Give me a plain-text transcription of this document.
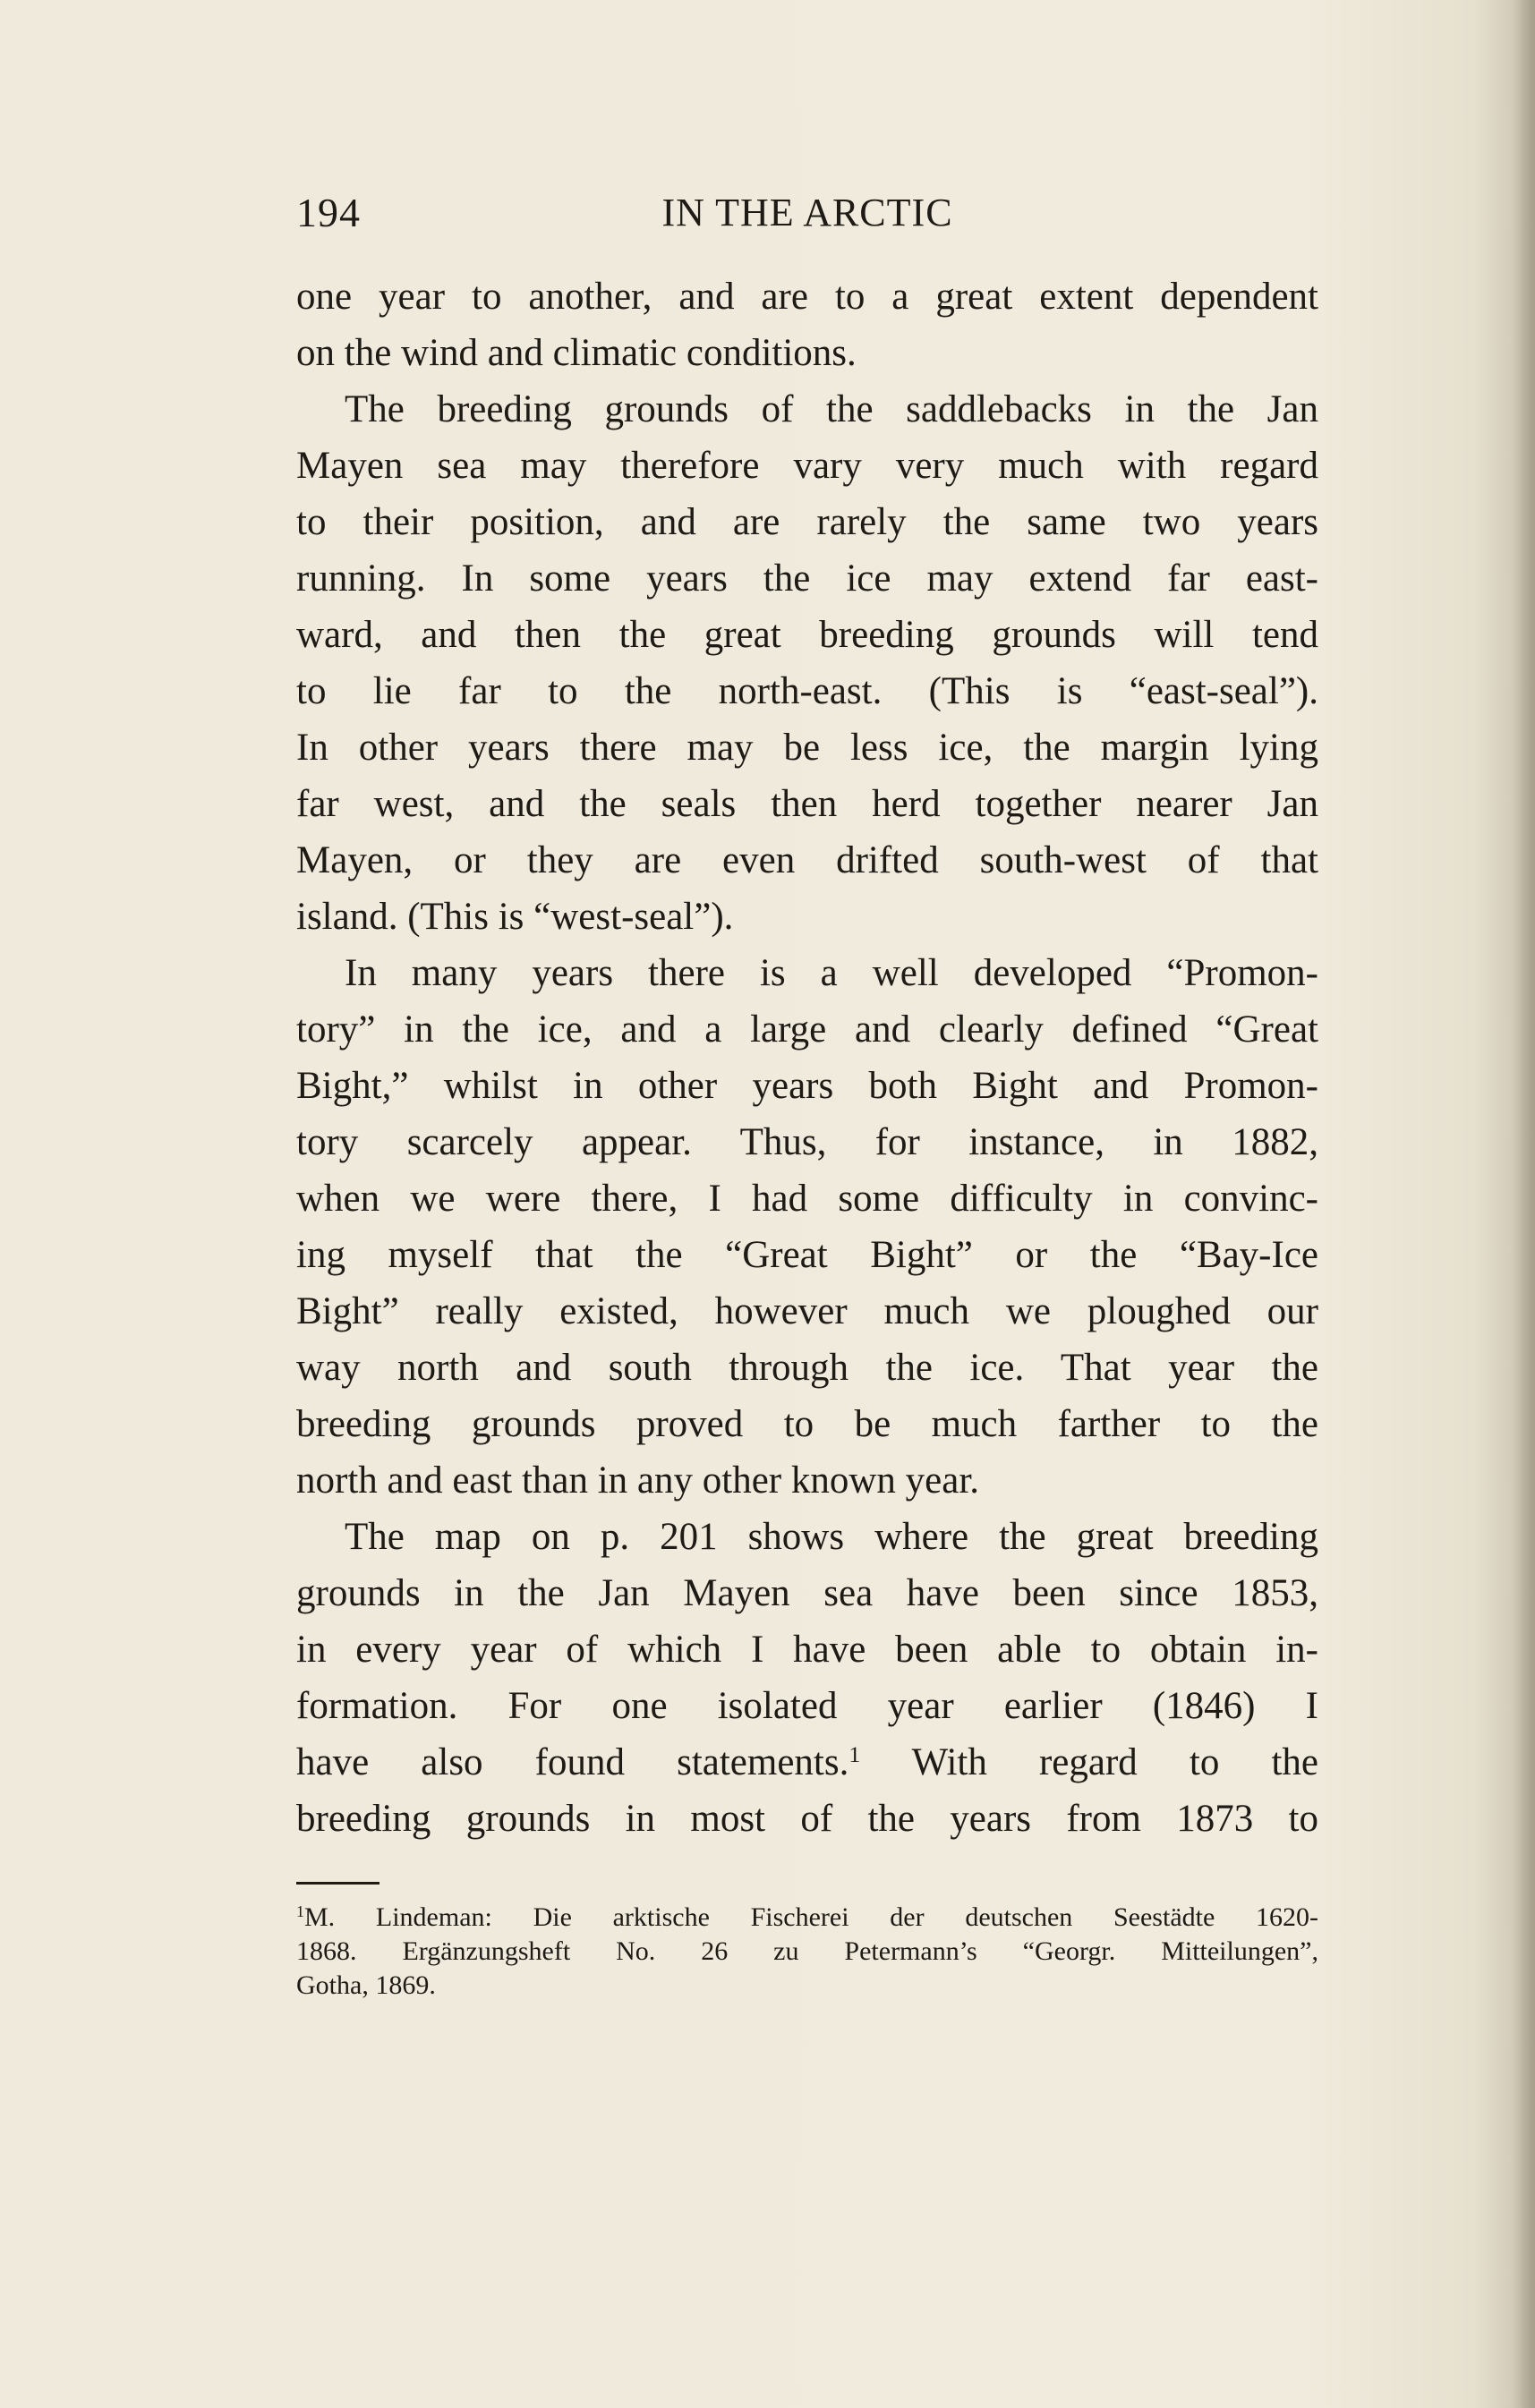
194	IN THE ARCTIC
one year to another, and are to a great extent dependent
on the wind and climatic conditions.
The breeding grounds of the saddlebacks in the Jan
Mayen sea may therefore vary very much with regard
to their position, and are rarely the same two years
running. In some years the ice may extend far east-
ward, and then the great breeding grounds will tend
to lie far to the north-east. (This is “east-seal”).
In other years there may be less ice, the margin lying
far west, and the seals then herd together nearer Jan
Mayen, or they are even drifted south-west of that
island. (This is “west-seal”).
In many years there is a well developed “Promon-
tory” in the ice, and a large and clearly defined “Great
Bight,” whilst in other years both Bight and Promon-
tory scarcely appear. Thus, for instance, in 1882,
when we were there, I had some difficulty in convinc-
ing myself that the “Great Bight” or the “Bay-Ice
Bight” really existed, however much we ploughed our
way north and south through the ice. That year the
breeding grounds proved to be much farther to the
north and east than in any other known year.
The map on p. 201 shows where the great breeding
grounds in the Jan Mayen sea have been since 1853,
in every year of which I have been able to obtain in-
formation. For one isolated year earlier (1846) I
have also found statements.$^1$ With regard to the
breeding grounds in most of the years from 1873 to
$^1$M. Lindeman: Die arktische Fischerei der deutschen Seestädte 1620-
1868. Ergänzungsheft No. 26 zu Petermann’s “Georgr. Mitteilungen”,
Gotha, 1869.
